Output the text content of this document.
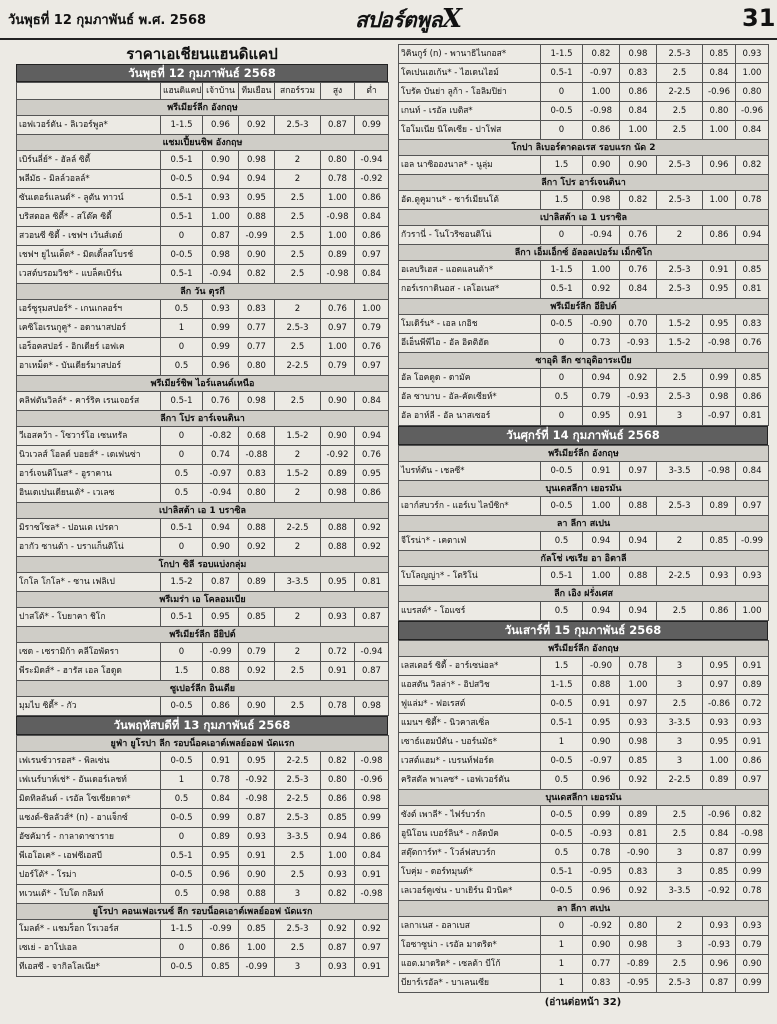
วันพุธที่ 12 กุมภาพันธ์ พ.ศ. 2568	สปอร์ตพูลX	31
ราคาเอเชียนแฮนดิแคป
วันพุธที่ 12 กุมภาพันธ์ 2568
	แฮนดิแคป	เจ้าบ้าน	ทีมเยือน	สกอร์รวม	สูง	ต่ำ
พรีเมียร์ลีก อังกฤษ						
เอฟเวอร์ตัน - ลิเวอร์พูล*	1-1.5	0.96	0.92	2.5-3	0.87	0.99
แชมเปี้ยนชิพ อังกฤษ						
เบิร์นลี่ย์* - ฮัลล์ ซิตี้	0.5-1	0.90	0.98	2	0.80	-0.94
พลีมัธ - มิลล์วอลล์*	0-0.5	0.94	0.94	2	0.78	-0.92
ซันเดอร์แลนด์* - ลูตัน ทาวน์	0.5-1	0.93	0.95	2.5	1.00	0.86
บริสตอล ซิตี้* - สโต๊ค ซิตี้	0.5-1	1.00	0.88	2.5	-0.98	0.84
สวอนซี ซิตี้ - เชฟฯ เว้นส์เดย์	0	0.87	-0.99	2.5	1.00	0.86
เชฟฯ ยูไนเต็ด* - มิดเดิ้ลสโบรช์	0-0.5	0.98	0.90	2.5	0.89	0.97
เวสต์บรอมวิช* - แบล็คเบิร์น	0.5-1	-0.94	0.82	2.5	-0.98	0.84
ลีก วัน ตุรกี						
เอร์ซูรุมสปอร์* - เกนเกลอร์ฯ	0.5	0.93	0.83	2	0.76	1.00
เคซิโอเรนกูคู* - อดานาสปอร์	1	0.99	0.77	2.5-3	0.97	0.79
เอร็อคสปอร์ - อิกเดียร์ เอฟเค	0	0.99	0.77	2.5	1.00	0.76
อาเหม็ด* - บันเดียร์มาสปอร์	0.5	0.96	0.80	2-2.5	0.79	0.97
พรีเมียร์ชิพ ไอร์แลนด์เหนือ						
คลิฟตันวิลล์* - คาร์ริค เรนเจอร์ส	0.5-1	0.76	0.98	2.5	0.90	0.84
ลีกา โปร อาร์เจนตินา						
วีเอสคว้า - โซวาร์โอ เซนทรัล	0	-0.82	0.68	1.5-2	0.90	0.94
นิวเวลส์ โอลด์ บอยส์* - เดเฟนซ่า	0	0.74	-0.88	2	-0.92	0.76
อาร์เจนติโนส* - อูราคาน	0.5	-0.97	0.83	1.5-2	0.89	0.95
อินเดเปนเดียนเต้* - เวเลซ	0.5	-0.94	0.80	2	0.98	0.86
เปาลิสต้า เอ 1 บราซิล						
มิราซโซล* - ปอนเต เปรตา	0.5-1	0.94	0.88	2-2.5	0.88	0.92
อากัว ซานต้า - บราแก็นติโน่	0	0.90	0.92	2	0.88	0.92
โกปา ซิลี รอบแบ่งกลุ่ม						
โกโล โกโล* - ซาน เฟลิเป	1.5-2	0.87	0.89	3-3.5	0.95	0.81
พรีเมร่า เอ โคลอมเบีย						
ปาสโต้* - โบยาคา ชิโก	0.5-1	0.95	0.85	2	0.93	0.87
พรีเมียร์ลีก อียิปต์						
เซด - เซรามิก้า คลีโอพัตรา	0	-0.99	0.79	2	0.72	-0.94
พีระมิดส์* - ฮารัส เอล โฮดูด	1.5	0.88	0.92	2.5	0.91	0.87
ซูเปอร์ลีก อินเดีย						
มุมไบ ซิตี้* - กัว	0-0.5	0.86	0.90	2.5	0.78	0.98
วันพฤหัสบดีที่ 13 กุมภาพันธ์ 2568
ยูฟ่า ยูโรปา ลีก รอบน็อคเอาต์เพลย์ออฟ นัดแรก						
เฟเรนซ์วารอส* - พิลเซ่น	0-0.5	0.91	0.95	2-2.5	0.82	-0.98
เฟเนร์บาห์เช่* - อันเดอร์เลชท์	1	0.78	-0.92	2.5-3	0.80	-0.96
มิดทิลลันด์ - เรอัล โซเซียดาด*	0.5	0.84	-0.98	2-2.5	0.86	0.98
แซงต์-ชิลลัวส์* (n) - อาแจ็กซ์	0-0.5	0.99	0.87	2.5-3	0.85	0.99
อัซคัมาร์ - กาลาตาซาราย	0	0.89	0.93	3-3.5	0.94	0.86
พีเอโอเค* - เอฟซีเอสบี	0.5-1	0.95	0.91	2.5	1.00	0.84
ปอร์โต้* - โรม่า	0-0.5	0.96	0.90	2.5	0.93	0.91
ทเวนเต้* - โบโด กลิมท์	0.5	0.98	0.88	3	0.82	-0.98
ยูโรปา คอนเฟอเรนซ์ ลีก รอบน็อคเอาต์เพลย์ออฟ นัดแรก						
โมลด์* - แชมร็อก โรเวอร์ส	1-1.5	-0.99	0.85	2.5-3	0.92	0.92
เซเย่ - อาโปเอล	0	0.86	1.00	2.5	0.87	0.97
ทีเอสซี - จากิลโลเนีย*	0-0.5	0.85	-0.99	3	0.93	0.91
วิคินกูร์ (n) - พานาธิไนกอส*	1-1.5	0.82	0.98	2.5-3	0.85	0.93
โคเปนเฮเก้น* - ไฮเดนไฮม์	0.5-1	-0.97	0.83	2.5	0.84	1.00
โบรัค บันย่า ลูก้า - โอลิมปิย่า	0	1.00	0.86	2-2.5	-0.96	0.80
เกนท์ - เรอัล เบติส*	0-0.5	-0.98	0.84	2.5	0.80	-0.96
โอโมเนีย นิโคเซีย - ปาโฟส	0	0.86	1.00	2.5	1.00	0.84
โกปา ลิเบอร์ตาดอเรส รอบแรก นัด 2						
เอล นาซิอองนาล* - นูลุ่ม	1.5	0.90	0.90	2.5-3	0.96	0.82
ลีกา โปร อาร์เจนตินา						
อัต.ตูคูมาน* - ซาร์เมียนโต้	1.5	0.98	0.82	2.5-3	1.00	0.78
เปาลิสต้า เอ 1 บราซิล						
กัวรานี่ - โนโวริซอนติโน่	0	-0.94	0.76	2	0.86	0.94
ลีกา เอ็มเอ็กซ์ อัลอลเปอร์ม เม็กซิโก						
อเลบริเฮส - แอตแลนต้า*	1-1.5	1.00	0.76	2.5-3	0.91	0.85
กอร์เรกาดินอส - เลโอเนส*	0.5-1	0.92	0.84	2.5-3	0.95	0.81
พรีเมียร์ลีก อียิปต์						
โมเดิร์น* - เอล เกอิช	0-0.5	-0.90	0.70	1.5-2	0.95	0.83
อีเอ็นพีพีไอ - อัล อิตติฮัด	0	0.73	-0.93	1.5-2	-0.98	0.76
ซาอุดิ ลีก ซาอุดิอาระเบีย						
อัล โอคดูด - ดามัค	0	0.94	0.92	2.5	0.99	0.85
อัล ซาบาบ - อัล-คัดเซียห์*	0.5	0.79	-0.93	2.5-3	0.98	0.86
อัล อาห์ลี - อัล นาสเซอร์	0	0.95	0.91	3	-0.97	0.81
วันศุกร์ที่ 14 กุมภาพันธ์ 2568
พรีเมียร์ลีก อังกฤษ						
ไบรท์ตัน - เชลซี*	0-0.5	0.91	0.97	3-3.5	-0.98	0.84
บุนเดสลีกา เยอรมัน						
เอาก์สบวร์ก - แอร์เบ ไลป์ซิก*	0-0.5	1.00	0.88	2.5-3	0.89	0.97
ลา ลีกา สเปน						
จีโรน่า* - เคตาเฟ่	0.5	0.94	0.94	2	0.85	-0.99
กัลโช่ เซเรีย อา อิตาลี						
โบโลญญ่า* - โตริโน่	0.5-1	1.00	0.88	2-2.5	0.93	0.93
ลีก เอิง ฝรั่งเศส						
แบรสต์* - โอแซร์	0.5	0.94	0.94	2.5	0.86	1.00
วันเสาร์ที่ 15 กุมภาพันธ์ 2568
พรีเมียร์ลีก อังกฤษ						
เลสเตอร์ ซิตี้ - อาร์เซน่อล*	1.5	-0.90	0.78	3	0.95	0.91
แอสตัน วิลล่า* - อิปสวิช	1-1.5	0.88	1.00	3	0.97	0.89
ฟูแล่ม* - ฟอเรสต์	0-0.5	0.91	0.97	2.5	-0.86	0.72
แมนฯ ซิตี้* - นิวคาสเซิ่ล	0.5-1	0.95	0.93	3-3.5	0.93	0.93
เซาธ์แฮมป์ตัน - บอร์นมัธ*	1	0.90	0.98	3	0.95	0.91
เวสต์แฮม* - เบรนท์ฟอร์ด	0-0.5	-0.97	0.85	3	1.00	0.86
คริสตัล พาเลซ* - เอฟเวอร์ตัน	0.5	0.96	0.92	2-2.5	0.89	0.97
บุนเดสลีกา เยอรมัน						
ซังต์ เพาลี* - ไฟร์บวร์ก	0-0.5	0.99	0.89	2.5	-0.96	0.82
อูนิโอน เบอร์ลิน* - กลัดบัค	0-0.5	-0.93	0.81	2.5	0.84	-0.98
สตุ๊ตการ์ท* - โวล์ฟสบวร์ก	0.5	0.78	-0.90	3	0.87	0.99
โบคุ่ม - ดอร์ทมุนด์*	0.5-1	-0.95	0.83	3	0.85	0.99
เลเวอร์คูเซ่น - บาเยิร์น มิวนิค*	0-0.5	0.96	0.92	3-3.5	-0.92	0.78
ลา ลีกา สเปน						
เลกาเนส - อลาเบส	0	-0.92	0.80	2	0.93	0.93
โอซาซูน่า - เรอัล มาดริด*	1	0.90	0.98	3	-0.93	0.79
แอต.มาดริด* - เซลต้า บีโก้	1	0.77	-0.89	2.5	0.96	0.90
บียาร์เรอัล* - บาเลนเซีย	1	0.83	-0.95	2.5-3	0.87	0.99
(อ่านต่อหน้า 32)
